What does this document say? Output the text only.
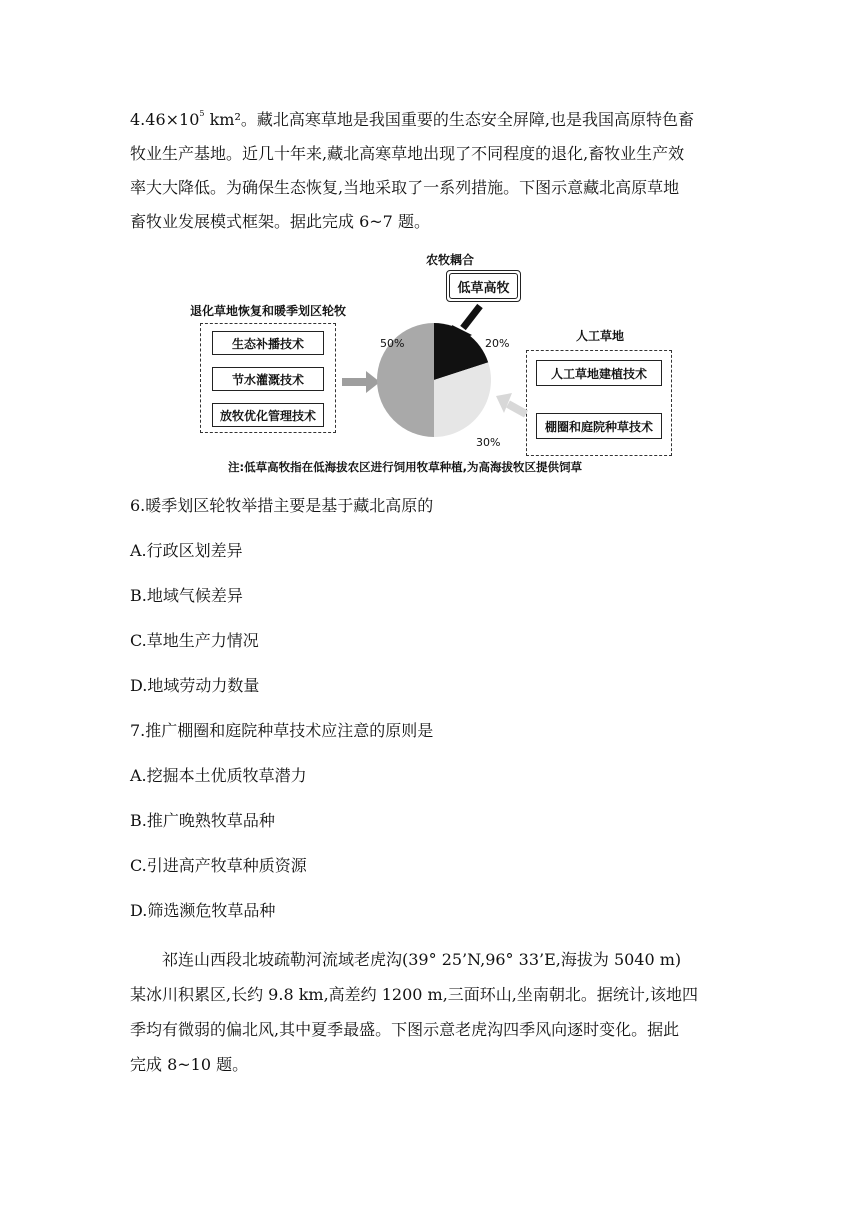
$4.46\times 10^5$ km²。藏北高寒草地是我国重要的生态安全屏障,也是我国高原特色畜
牧业生产基地。近几十年来,藏北高寒草地出现了不同程度的退化,畜牧业生产效
率大大降低。为确保生态恢复,当地采取了一系列措施。下图示意藏北高原草地
畜牧业发展模式框架。据此完成 6~7 题。
农牧耦合
低草高牧
退化草地恢复和暖季划区轮牧
生态补播技术
节水灌溉技术
放牧优化管理技术
人工草地
人工草地建植技术
棚圈和庭院种草技术
20%
30%
50%
注:低草高牧指在低海拔农区进行饲用牧草种植,为高海拔牧区提供饲草
6.暖季划区轮牧举措主要是基于藏北高原的
A.行政区划差异
B.地域气候差异
C.草地生产力情况
D.地域劳动力数量
7.推广棚圈和庭院种草技术应注意的原则是
A.挖掘本土优质牧草潜力
B.推广晚熟牧草品种
C.引进高产牧草种质资源
D.筛选濒危牧草品种
祁连山西段北坡疏勒河流域老虎沟(39° 25’N,96° 33’E,海拔为 5040 m)
某冰川积累区,长约 9.8 km,高差约 1200 m,三面环山,坐南朝北。据统计,该地四
季均有微弱的偏北风,其中夏季最盛。下图示意老虎沟四季风向逐时变化。据此
完成 8~10 题。
